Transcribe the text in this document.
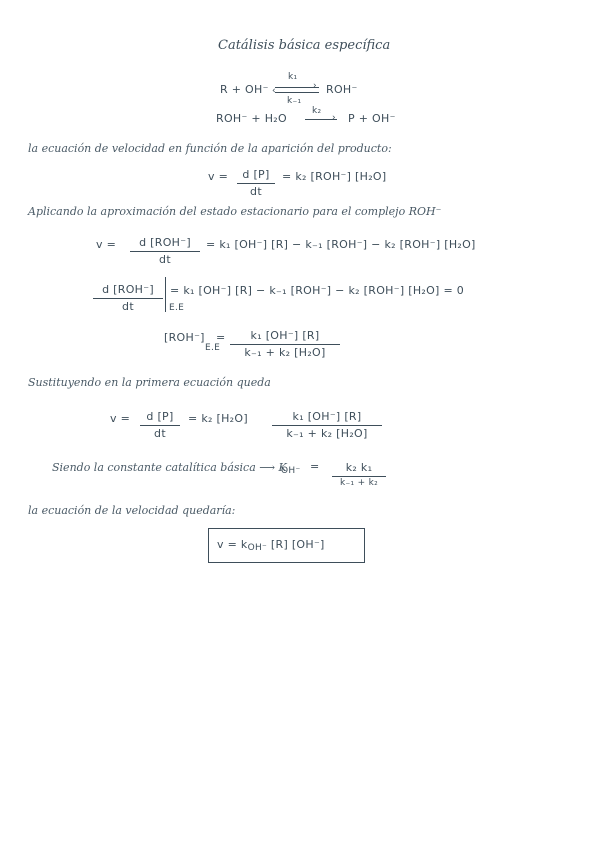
Catálisis básica específica
R + OH⁻
k₁
›
‹
k₋₁
ROH⁻
ROH⁻ + H₂O
k₂
› P + OH⁻
la ecuación de velocidad en función de la aparición del producto:
v = d [P]
dt
= k₂ [ROH⁻] [H₂O]
Aplicando la aproximación del estado estacionario para el complejo ROH⁻
v = d [ROH⁻]
dt
= k₁ [OH⁻] [R] − k₋₁ [ROH⁻] − k₂ [ROH⁻] [H₂O]
d [ROH⁻]
dt	E.E
= k₁ [OH⁻] [R] − k₋₁ [ROH⁻] − k₂ [ROH⁻] [H₂O] = 0
[ROH⁻]
E.E
= k₁ [OH⁻] [R]
k₋₁ + k₂ [H₂O]
Sustituyendo en la primera ecuación queda
v = d [P]
dt
= k₂ [H₂O]	k₁ [OH⁻] [R]
k₋₁ + k₂ [H₂O]
Siendo la constante catalítica básica ⟶ K
OH⁻ = k₂ k₁
k₋₁ + k₂
la ecuación de la velocidad quedaría:
v = kOH⁻ [R] [OH⁻]
